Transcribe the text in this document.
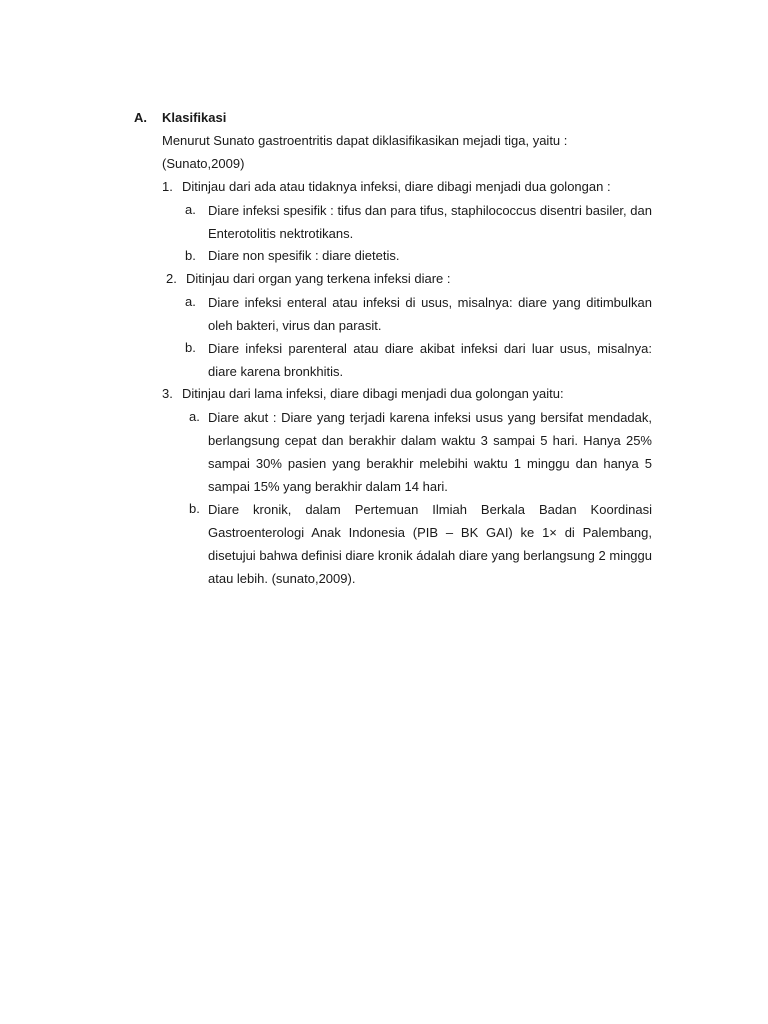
A. Klasifikasi
Menurut Sunato gastroentritis dapat diklasifikasikan mejadi tiga, yaitu :
(Sunato,2009)
1. Ditinjau dari ada atau tidaknya infeksi, diare dibagi menjadi dua golongan :
a. Diare infeksi spesifik : tifus dan para tifus, staphilococcus disentri basiler, dan Enterotolitis nektrotikans.
b. Diare non spesifik : diare dietetis.
2. Ditinjau dari organ yang terkena infeksi diare :
a. Diare infeksi enteral atau infeksi di usus, misalnya: diare yang ditimbulkan oleh bakteri, virus dan parasit.
b. Diare infeksi parenteral atau diare akibat infeksi dari luar usus, misalnya: diare karena bronkhitis.
3. Ditinjau dari lama infeksi, diare dibagi menjadi dua golongan yaitu:
a. Diare akut : Diare yang terjadi karena infeksi usus yang bersifat mendadak, berlangsung cepat dan berakhir dalam waktu 3 sampai 5 hari. Hanya 25% sampai 30% pasien yang berakhir melebihi waktu 1 minggu dan hanya 5 sampai 15% yang berakhir dalam 14 hari.
b. Diare kronik, dalam Pertemuan Ilmiah Berkala Badan Koordinasi Gastroenterologi Anak Indonesia (PIB – BK GAI) ke 1× di Palembang, disetujui bahwa definisi diare kronik ádalah diare yang berlangsung 2 minggu atau lebih. (sunato,2009).
